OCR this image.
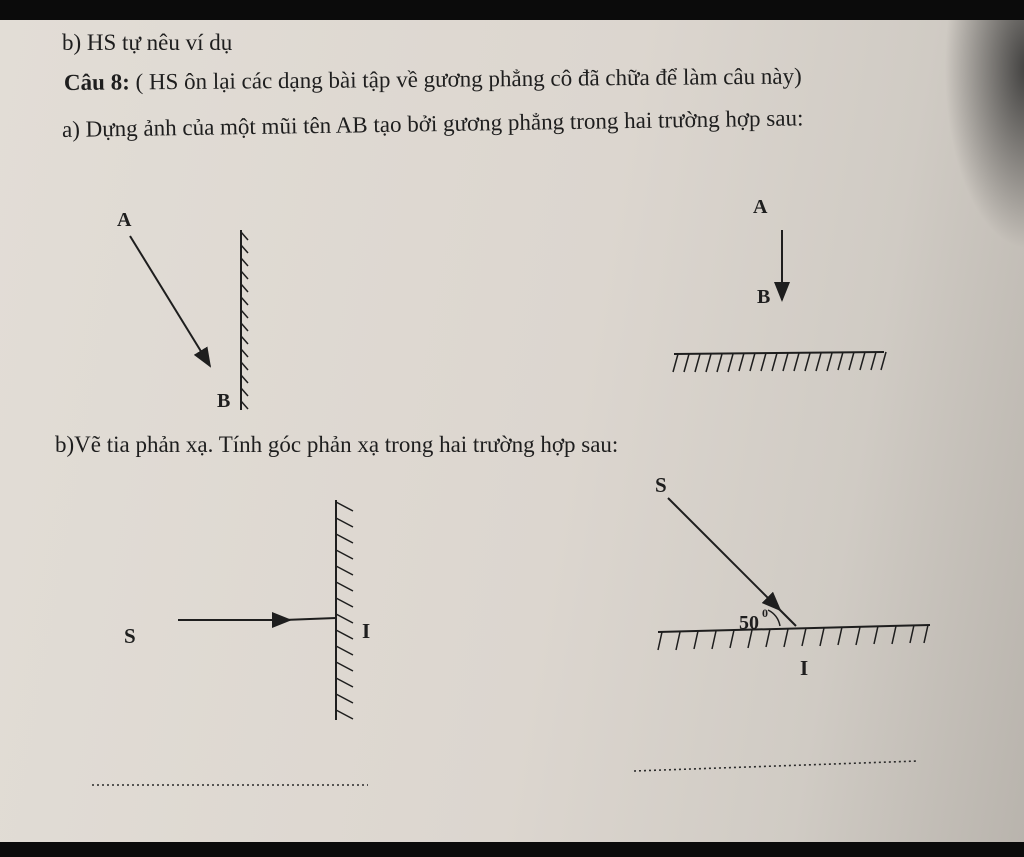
b) HS tự nêu ví dụ
Câu 8: ( HS ôn lại các dạng bài tập về gương phẳng cô đã chữa để làm câu này)
a) Dựng ảnh của một mũi tên AB tạo bởi gương phẳng trong hai trường hợp sau:
b)Vẽ tia phản xạ. Tính góc phản xạ trong hai trường hợp sau:
A
B
A
B
S	I
S
50 0
I
